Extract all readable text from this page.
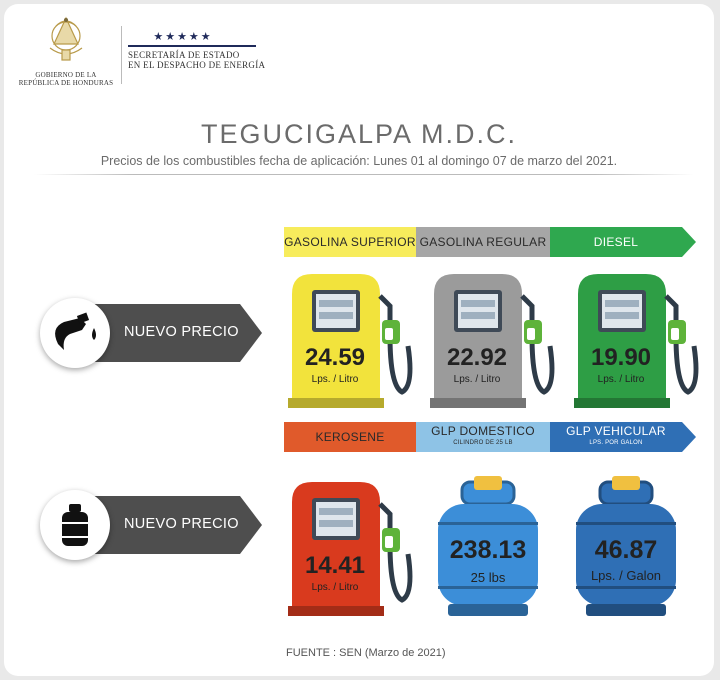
GOBIERNO DE LA
REPÚBLICA DE HONDURAS
★★★★★
SECRETARÍA DE ESTADO
EN EL DESPACHO DE ENERGÍA
TEGUCIGALPA M.D.C.
Precios de los combustibles fecha de aplicación: Lunes 01 al domingo 07 de marzo del 2021.
NUEVO PRECIO
GASOLINA SUPERIOR GASOLINA REGULAR	DIESEL
24.59
Lps. / Litro
22.92
Lps. / Litro
19.90
Lps. / Litro
NUEVO PRECIO
KEROSENE	GLP DOMESTICO
CILINDRO DE 25 LB
GLP VEHICULAR
LPS. POR GALON
14.41
Lps. / Litro
238.13
25 lbs
46.87
Lps. / Galon
FUENTE : SEN (Marzo de 2021)
